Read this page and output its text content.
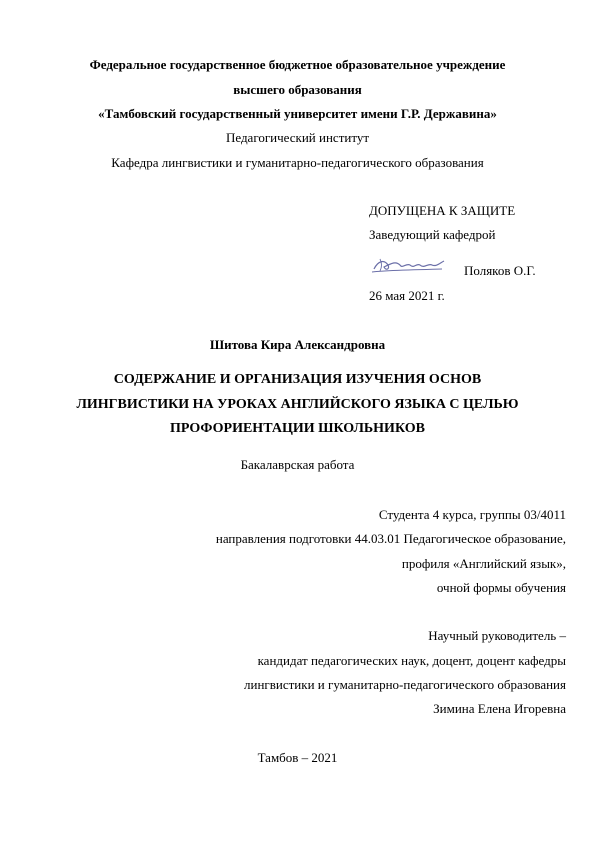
Федеральное государственное бюджетное образовательное учреждение
высшего образования
«Тамбовский государственный университет имени Г.Р. Державина»
Педагогический институт
Кафедра лингвистики и гуманитарно-педагогического образования
ДОПУЩЕНА К ЗАЩИТЕ
Заведующий кафедрой
Поляков О.Г.
26 мая 2021 г.
Шитова Кира Александровна
СОДЕРЖАНИЕ И ОРГАНИЗАЦИЯ ИЗУЧЕНИЯ ОСНОВ
ЛИНГВИСТИКИ НА УРОКАХ АНГЛИЙСКОГО ЯЗЫКА С ЦЕЛЬЮ
ПРОФОРИЕНТАЦИИ ШКОЛЬНИКОВ
Бакалаврская работа
Студента 4 курса, группы 03/4011
направления подготовки 44.03.01 Педагогическое образование,
профиля «Английский язык»,
очной формы обучения
Научный руководитель –
кандидат педагогических наук, доцент, доцент кафедры
лингвистики и гуманитарно-педагогического образования
Зимина Елена Игоревна
Тамбов – 2021
